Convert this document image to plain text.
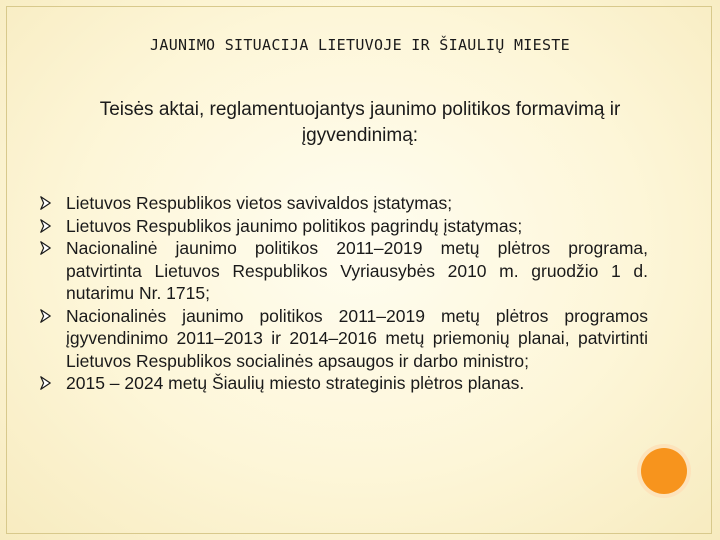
JAUNIMO SITUACIJA LIETUVOJE IR ŠIAULIŲ MIESTE

Teisės aktai, reglamentuojantys jaunimo politikos formavimą ir įgyvendinimą:

Lietuvos Respublikos vietos savivaldos įstatymas;
Lietuvos Respublikos jaunimo politikos pagrindų įstatymas;
Nacionalinė jaunimo politikos 2011–2019 metų plėtros programa, patvirtinta Lietuvos Respublikos Vyriausybės 2010 m. gruodžio 1 d. nutarimu Nr. 1715;
Nacionalinės jaunimo politikos 2011–2019 metų plėtros programos įgyvendinimo 2011–2013 ir 2014–2016 metų priemonių planai, patvirtinti Lietuvos Respublikos socialinės apsaugos ir darbo ministro;
2015 – 2024 metų Šiaulių miesto strateginis plėtros planas.
